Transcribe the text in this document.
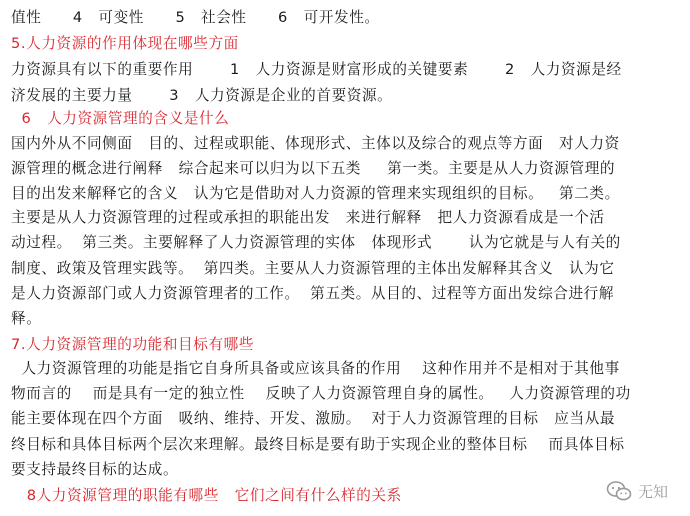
值性      4   可变性      5   社会性      6   可开发性。
5.人力资源的作用体现在哪些方面
力资源具有以下的重要作用       1   人力资源是财富形成的关键要素       2   人力资源是经
济发展的主要力量       3   人力资源是企业的首要资源。
6   人力资源管理的含义是什么
国内外从不同侧面   目的、过程或职能、体现形式、主体以及综合的观点等方面   对人力资
源管理的概念进行阐释   综合起来可以归为以下五类     第一类。主要是从人力资源管理的
目的出发来解释它的含义   认为它是借助对人力资源的管理来实现组织的目标。   第二类。
主要是从人力资源管理的过程或承担的职能出发   来进行解释   把人力资源看成是一个活
动过程。  第三类。主要解释了人力资源管理的实体   体现形式       认为它就是与人有关的
制度、政策及管理实践等。  第四类。主要从人力资源管理的主体出发解释其含义   认为它
是人力资源部门或人力资源管理者的工作。  第五类。从目的、过程等方面出发综合进行解
释。
7.人力资源管理的功能和目标有哪些
人力资源管理的功能是指它自身所具备或应该具备的作用    这种作用并不是相对于其他事
物而言的    而是具有一定的独立性    反映了人力资源管理自身的属性。   人力资源管理的功
能主要体现在四个方面   吸纳、维持、开发、激励。  对于人力资源管理的目标   应当从最
终目标和具体目标两个层次来理解。最终目标是要有助于实现企业的整体目标    而具体目标
要支持最终目标的达成。
8人力资源管理的职能有哪些   它们之间有什么样的关系	无知
